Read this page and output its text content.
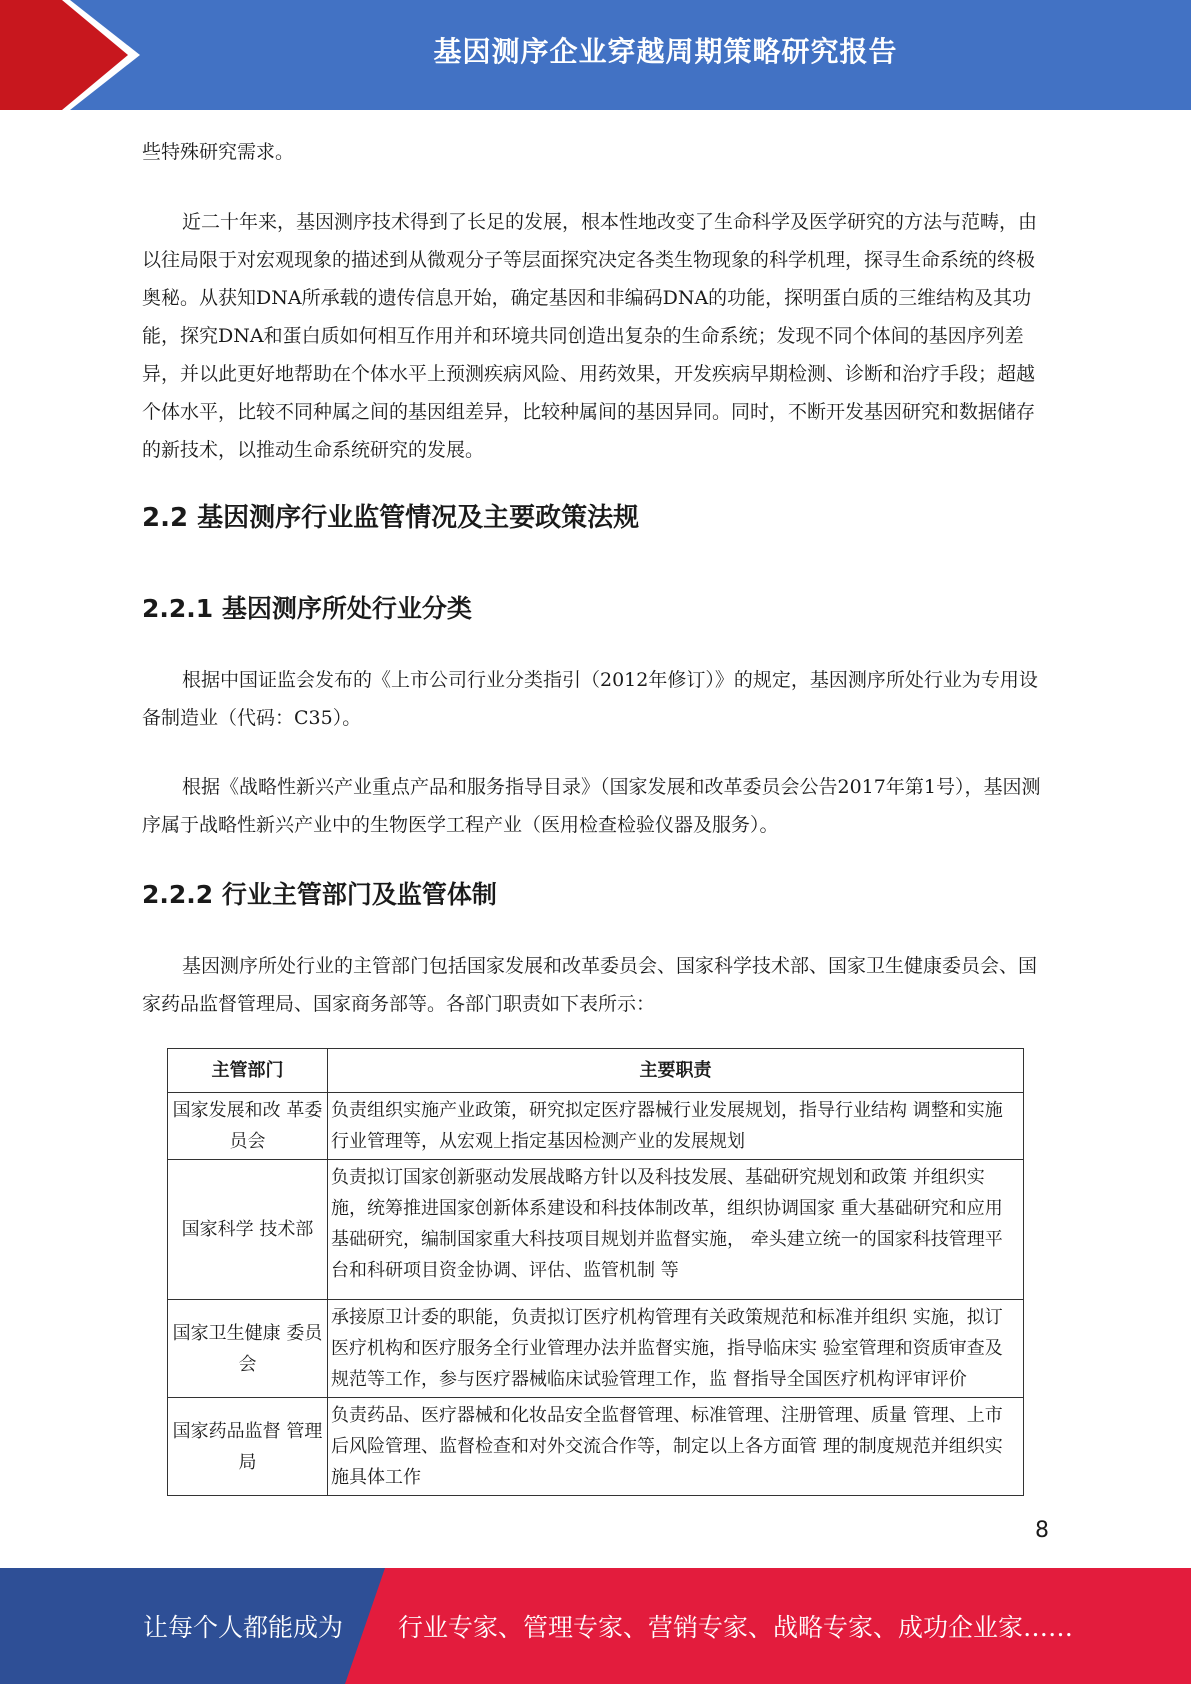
基因测序企业穿越周期策略研究报告

些特殊研究需求。

近二十年来，基因测序技术得到了长足的发展，根本性地改变了生命科学及医学研究的方法与范畴，由以往局限于对宏观现象的描述到从微观分子等层面探究决定各类生物现象的科学机理，探寻生命系统的终极奥秘。从获知DNA所承载的遗传信息开始，确定基因和非编码DNA的功能，探明蛋白质的三维结构及其功能，探究DNA和蛋白质如何相互作用并和环境共同创造出复杂的生命系统；发现不同个体间的基因序列差异，并以此更好地帮助在个体水平上预测疾病风险、用药效果，开发疾病早期检测、诊断和治疗手段；超越个体水平，比较不同种属之间的基因组差异，比较种属间的基因异同。同时，不断开发基因研究和数据储存的新技术，以推动生命系统研究的发展。

2.2 基因测序行业监管情况及主要政策法规
2.2.1 基因测序所处行业分类

根据中国证监会发布的《上市公司行业分类指引（2012年修订）》的规定，基因测序所处行业为专用设备制造业（代码：C35）。

根据《战略性新兴产业重点产品和服务指导目录》（国家发展和改革委员会公告2017年第1号），基因测序属于战略性新兴产业中的生物医学工程产业（医用检查检验仪器及服务）。

2.2.2 行业主管部门及监管体制

基因测序所处行业的主管部门包括国家发展和改革委员会、国家科学技术部、国家卫生健康委员会、国家药品监督管理局、国家商务部等。各部门职责如下表所示：

主管部门	主要职责
国家发展和改 革委员会	负责组织实施产业政策，研究拟定医疗器械行业发展规划，指导行业结构 调整和实施行业管理等，从宏观上指定基因检测产业的发展规划
国家科学 技术部	负责拟订国家创新驱动发展战略方针以及科技发展、基础研究规划和政策 并组织实施，统筹推进国家创新体系建设和科技体制改革，组织协调国家 重大基础研究和应用基础研究，编制国家重大科技项目规划并监督实施， 牵头建立统一的国家科技管理平台和科研项目资金协调、评估、监管机制 等
国家卫生健康 委员会	承接原卫计委的职能，负责拟订医疗机构管理有关政策规范和标准并组织 实施，拟订医疗机构和医疗服务全行业管理办法并监督实施，指导临床实 验室管理和资质审查及规范等工作，参与医疗器械临床试验管理工作，监 督指导全国医疗机构评审评价
国家药品监督 管理局	负责药品、医疗器械和化妆品安全监督管理、标准管理、注册管理、质量 管理、上市后风险管理、监督检查和对外交流合作等，制定以上各方面管 理的制度规范并组织实施具体工作
8
让每个人都能成为 行业专家、管理专家、营销专家、战略专家、成功企业家……
